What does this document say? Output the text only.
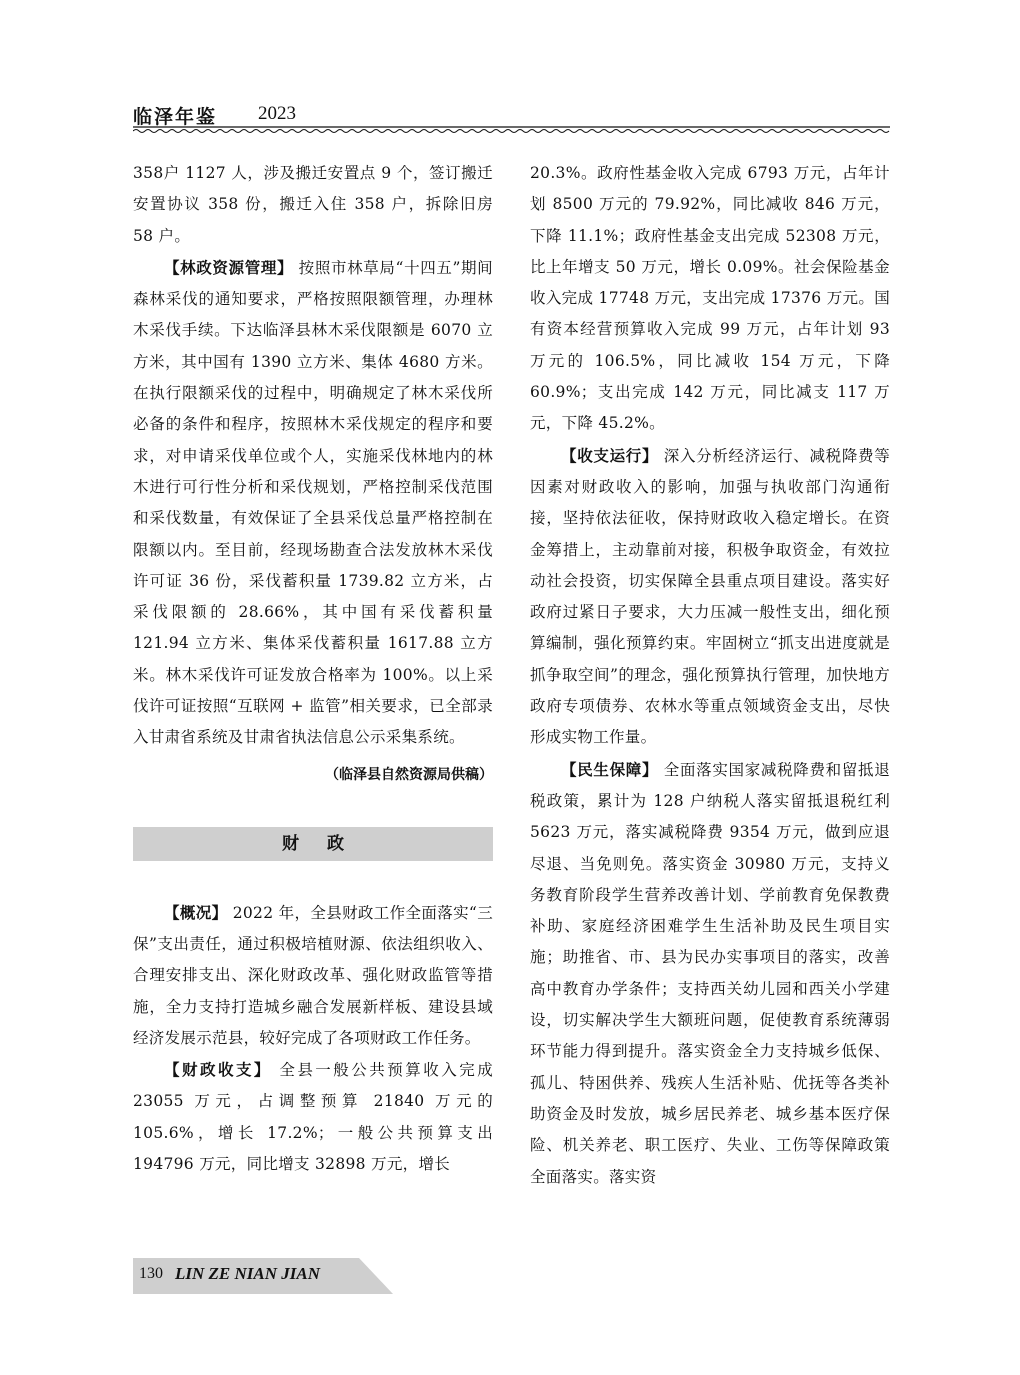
临泽年鉴 2023

358户 1127 人，涉及搬迁安置点 9 个，签订搬迁安置协议 358 份，搬迁入住 358 户，拆除旧房 58 户。

【林政资源管理】 按照市林草局“十四五”期间森林采伐的通知要求，严格按照限额管理，办理林木采伐手续。下达临泽县林木采伐限额是 6070 立方米，其中国有 1390 立方米、集体 4680 方米。在执行限额采伐的过程中，明确规定了林木采伐所必备的条件和程序，按照林木采伐规定的程序和要求，对申请采伐单位或个人，实施采伐林地内的林木进行可行性分析和采伐规划，严格控制采伐范围和采伐数量，有效保证了全县采伐总量严格控制在限额以内。至目前，经现场勘查合法发放林木采伐许可证 36 份，采伐蓄积量 1739.82 立方米，占采伐限额的 28.66%，其中国有采伐蓄积量 121.94 立方米、集体采伐蓄积量 1617.88 立方米。林木采伐许可证发放合格率为 100%。以上采伐许可证按照“互联网 + 监管”相关要求，已全部录入甘肃省系统及甘肃省执法信息公示采集系统。

（临泽县自然资源局供稿）

财政

【概况】 2022 年，全县财政工作全面落实“三保”支出责任，通过积极培植财源、依法组织收入、合理安排支出、深化财政改革、强化财政监管等措施，全力支持打造城乡融合发展新样板、建设县域经济发展示范县，较好完成了各项财政工作任务。

【财政收支】 全县一般公共预算收入完成 23055 万元，占调整预算 21840 万元的 105.6%，增长 17.2%；一般公共预算支出 194796 万元，同比增支 32898 万元，增长

20.3%。政府性基金收入完成 6793 万元，占年计划 8500 万元的 79.92%，同比减收 846 万元，下降 11.1%；政府性基金支出完成 52308 万元，比上年增支 50 万元，增长 0.09%。社会保险基金收入完成 17748 万元，支出完成 17376 万元。国有资本经营预算收入完成 99 万元，占年计划 93 万元的 106.5%，同比减收 154 万元，下降 60.9%；支出完成 142 万元，同比减支 117 万元，下降 45.2%。

【收支运行】 深入分析经济运行、减税降费等因素对财政收入的影响，加强与执收部门沟通衔接，坚持依法征收，保持财政收入稳定增长。在资金筹措上，主动靠前对接，积极争取资金，有效拉动社会投资，切实保障全县重点项目建设。落实好政府过紧日子要求，大力压减一般性支出，细化预算编制，强化预算约束。牢固树立“抓支出进度就是抓争取空间”的理念，强化预算执行管理，加快地方政府专项债券、农林水等重点领域资金支出，尽快形成实物工作量。

【民生保障】 全面落实国家减税降费和留抵退税政策，累计为 128 户纳税人落实留抵退税红利 5623 万元，落实减税降费 9354 万元，做到应退尽退、当免则免。落实资金 30980 万元，支持义务教育阶段学生营养改善计划、学前教育免保教费补助、家庭经济困难学生生活补助及民生项目实施；助推省、市、县为民办实事项目的落实，改善高中教育办学条件；支持西关幼儿园和西关小学建设，切实解决学生大额班问题，促使教育系统薄弱环节能力得到提升。落实资金全力支持城乡低保、孤儿、特困供养、残疾人生活补贴、优抚等各类补助资金及时发放，城乡居民养老、城乡基本医疗保险、机关养老、职工医疗、失业、工伤等保障政策全面落实。落实资

130 LIN ZE NIAN JIAN
